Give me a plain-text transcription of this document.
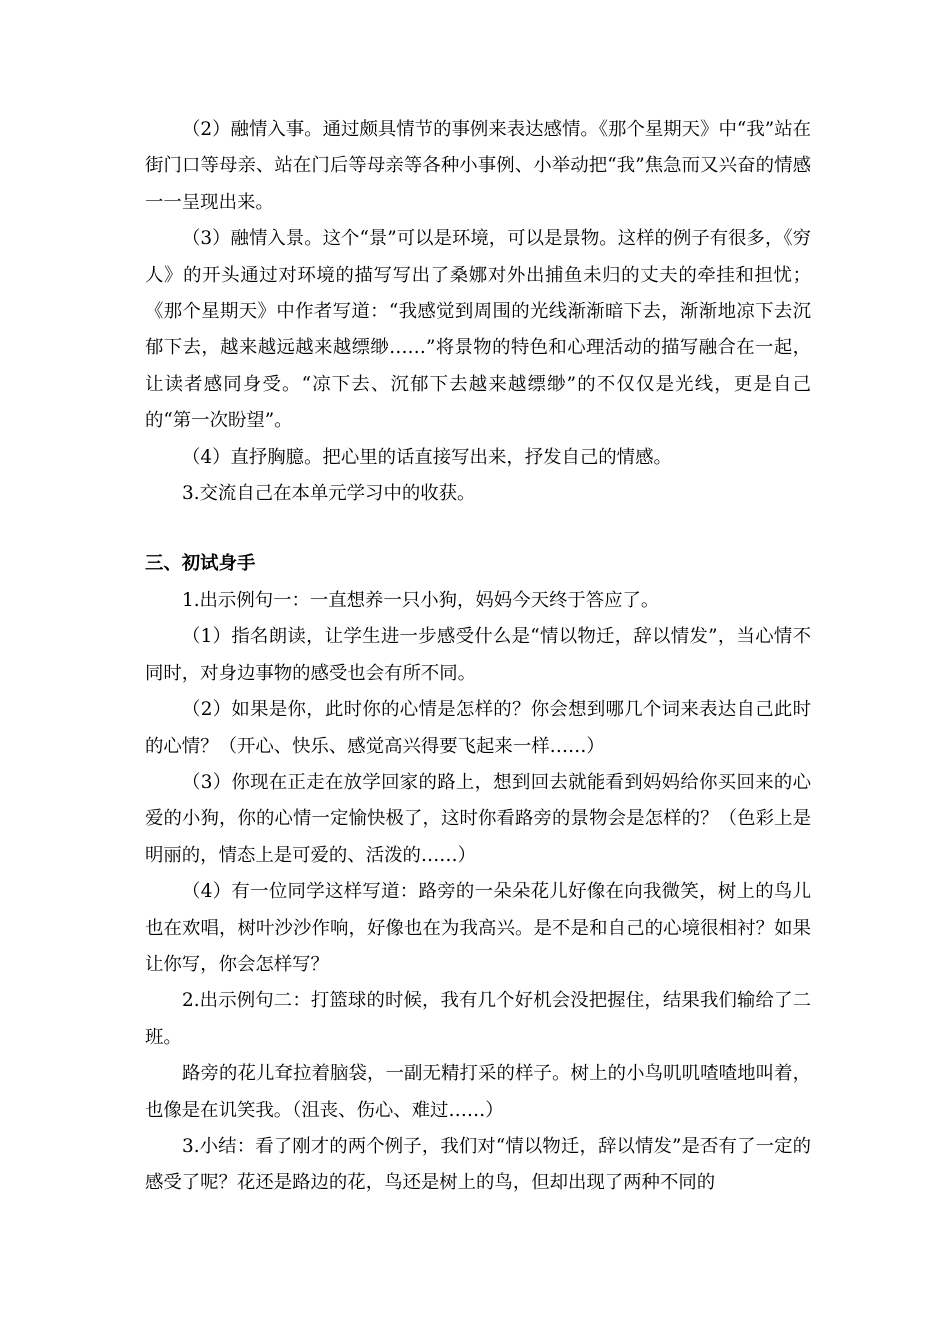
（2）融情入事。通过颇具情节的事例来表达感情。《那个星期天》中“我”站在街门口等母亲、站在门后等母亲等各种小事例、小举动把“我”焦急而又兴奋的情感一一呈现出来。

（3）融情入景。这个“景”可以是环境，可以是景物。这样的例子有很多，《穷人》的开头通过对环境的描写写出了桑娜对外出捕鱼未归的丈夫的牵挂和担忧；《那个星期天》中作者写道：“我感觉到周围的光线渐渐暗下去，渐渐地凉下去沉郁下去，越来越远越来越缥缈……”将景物的特色和心理活动的描写融合在一起，让读者感同身受。“凉下去、沉郁下去越来越缥缈”的不仅仅是光线，更是自己的“第一次盼望”。

（4）直抒胸臆。把心里的话直接写出来，抒发自己的情感。

3.交流自己在本单元学习中的收获。

三、初试身手

1.出示例句一：一直想养一只小狗，妈妈今天终于答应了。

（1）指名朗读，让学生进一步感受什么是“情以物迁，辞以情发”，当心情不同时，对身边事物的感受也会有所不同。

（2）如果是你，此时你的心情是怎样的？你会想到哪几个词来表达自己此时的心情？（开心、快乐、感觉高兴得要飞起来一样……）

（3）你现在正走在放学回家的路上，想到回去就能看到妈妈给你买回来的心爱的小狗，你的心情一定愉快极了，这时你看路旁的景物会是怎样的？（色彩上是明丽的，情态上是可爱的、活泼的……）

（4）有一位同学这样写道：路旁的一朵朵花儿好像在向我微笑，树上的鸟儿也在欢唱，树叶沙沙作响，好像也在为我高兴。是不是和自己的心境很相衬？如果让你写，你会怎样写？

2.出示例句二：打篮球的时候，我有几个好机会没把握住，结果我们输给了二班。

路旁的花儿耷拉着脑袋，一副无精打采的样子。树上的小鸟叽叽喳喳地叫着，也像是在讥笑我。（沮丧、伤心、难过……）

3.小结：看了刚才的两个例子，我们对“情以物迁，辞以情发”是否有了一定的感受了呢？花还是路边的花，鸟还是树上的鸟，但却出现了两种不同的
